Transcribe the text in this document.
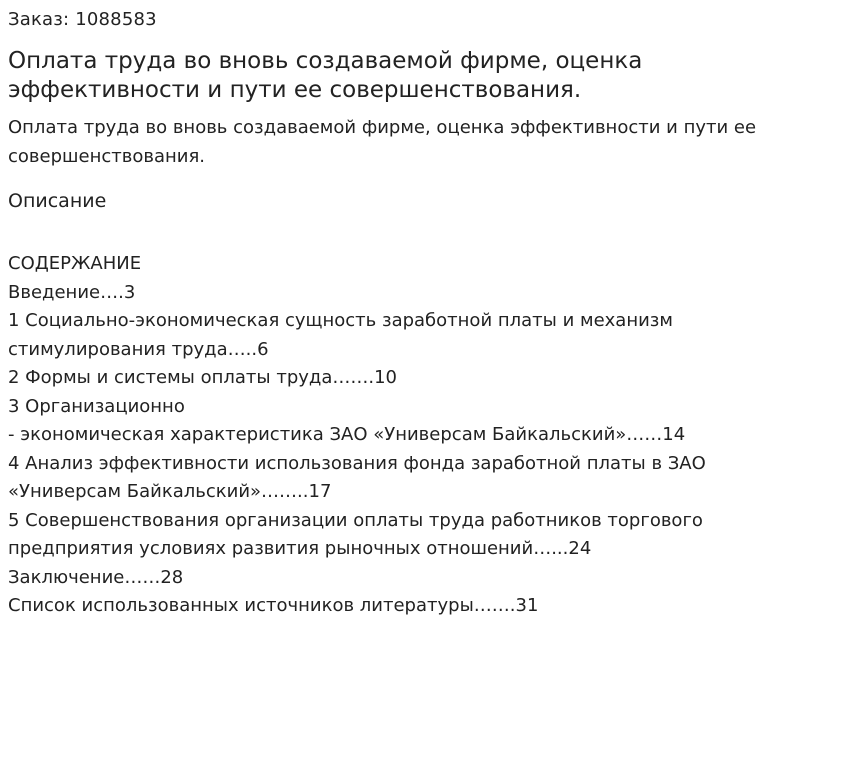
Заказ: 1088583

Оплата труда во вновь создаваемой фирме, оценка эффективности и пути ее совершенствования.
Оплата труда во вновь создаваемой фирме, оценка эффективности и пути ее
совершенствования.
Описание

СОДЕРЖАНИЕ

Введение….3

1 Социально-экономическая сущность заработной платы и механизм

стимулирования труда…..6

2 Формы и системы оплаты труда…….10

3 Организационно

- экономическая характеристика ЗАО «Универсам Байкальский»……14

4 Анализ эффективности использования фонда заработной платы в ЗАО

«Универсам Байкальский»……..17

5 Совершенствования организации оплаты труда работников торгового

предприятия условиях развития рыночных отношений…...24

Заключение……28

Список использованных источников литературы…….31
